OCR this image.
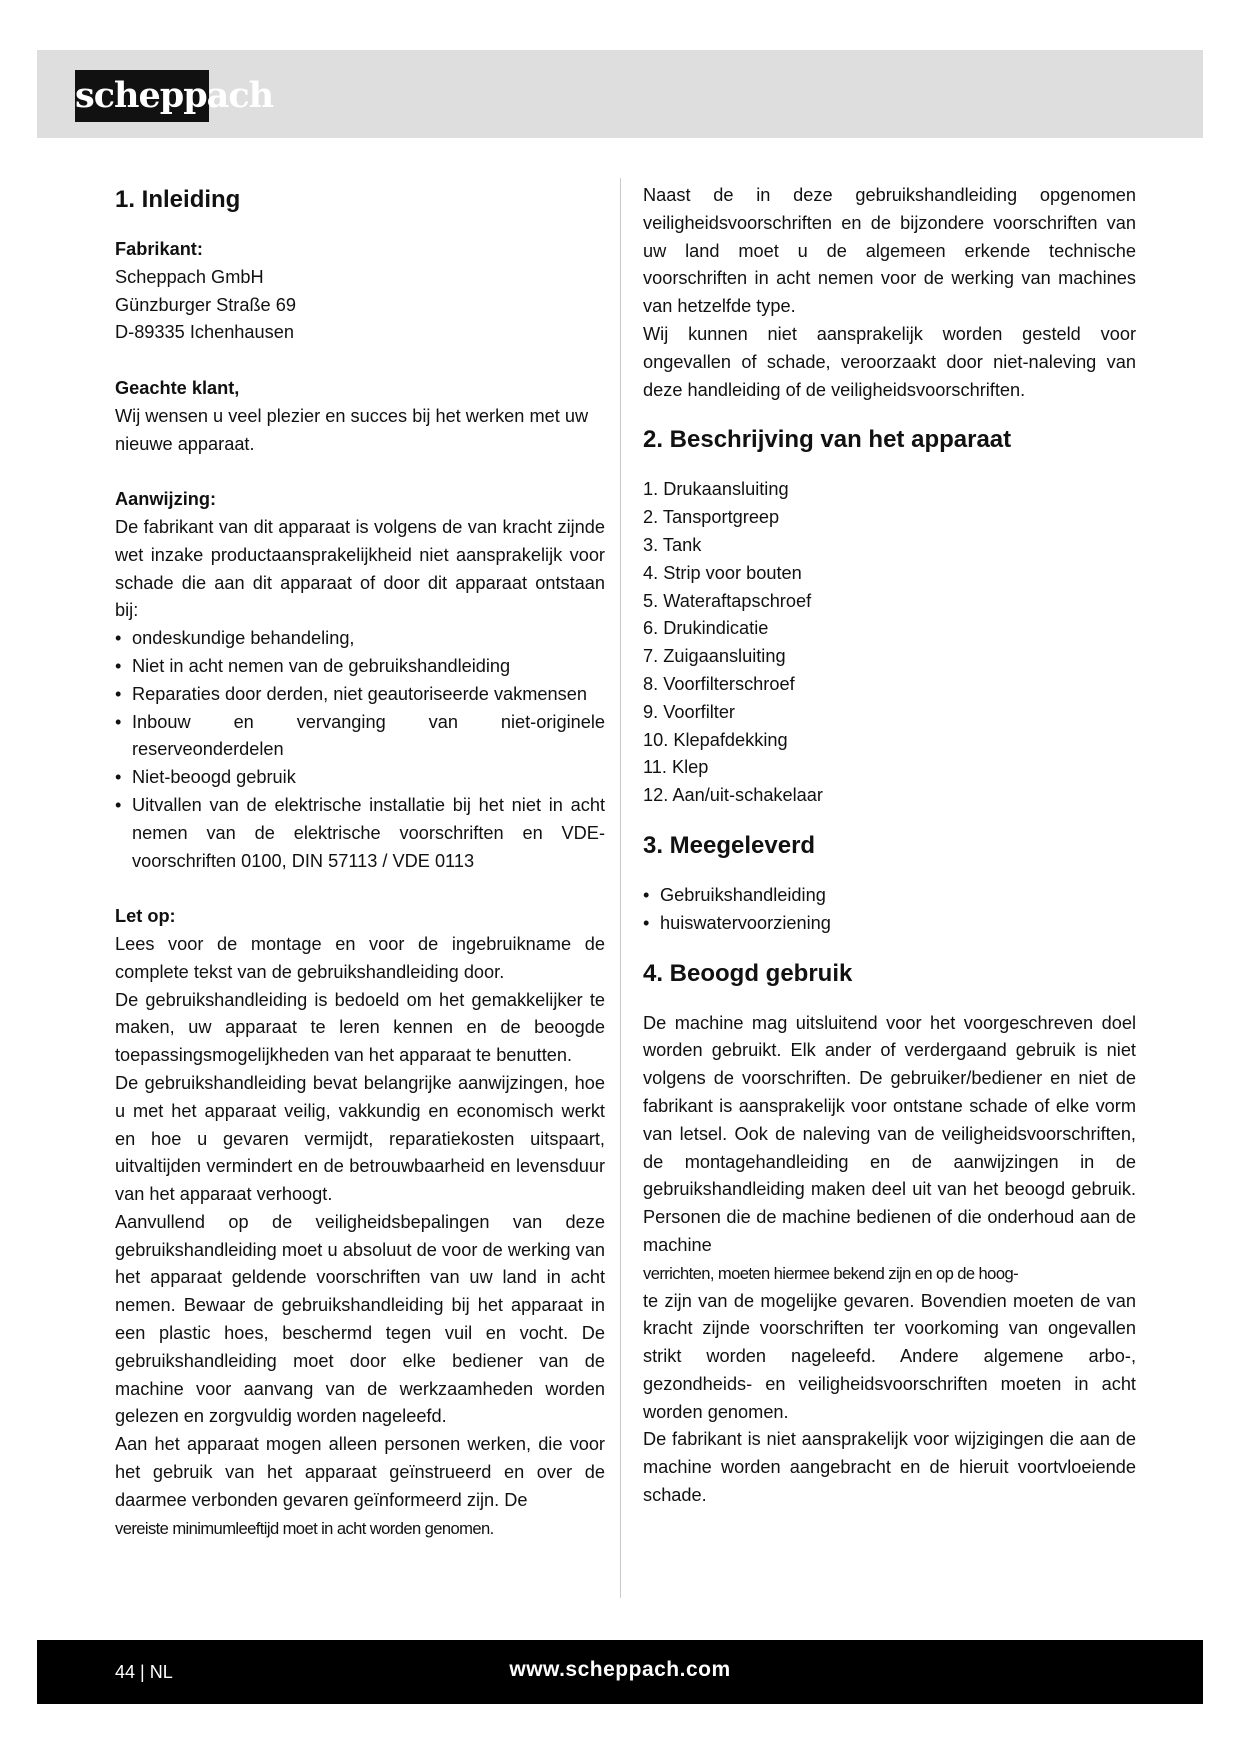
scheppach
1. Inleiding

Fabrikant:

Scheppach GmbH

Günzburger Straße 69

D-89335 Ichenhausen

Geachte klant,

Wij wensen u veel plezier en succes bij het werken met uw nieuwe apparaat.

Aanwijzing:

De fabrikant van dit apparaat is volgens de van kracht zijnde wet inzake productaansprakelijkheid niet aansprakelijk voor schade die aan dit apparaat of door dit apparaat ontstaan bij:

• ondeskundige behandeling,
• Niet in acht nemen van de gebruikshandleiding
• Reparaties door derden, niet geautoriseerde vakmensen
• Inbouw en vervanging van niet-originele reserveonderdelen
• Niet-beoogd gebruik
• Uitvallen van de elektrische installatie bij het niet in acht nemen van de elektrische voorschriften en VDE-voorschriften 0100, DIN 57113 / VDE 0113

Let op:

Lees voor de montage en voor de ingebruikname de complete tekst van de gebruikshandleiding door.

De gebruikshandleiding is bedoeld om het gemakkelijker te maken, uw apparaat te leren kennen en de beoogde toepassingsmogelijkheden van het apparaat te benutten.

De gebruikshandleiding bevat belangrijke aanwijzingen, hoe u met het apparaat veilig, vakkundig en economisch werkt en hoe u gevaren vermijdt, reparatiekosten uitspaart, uitvaltijden vermindert en de betrouwbaarheid en levensduur van het apparaat verhoogt.

Aanvullend op de veiligheidsbepalingen van deze gebruikshandleiding moet u absoluut de voor de werking van het apparaat geldende voorschriften van uw land in acht nemen. Bewaar de gebruikshandleiding bij het apparaat in een plastic hoes, beschermd tegen vuil en vocht. De gebruikshandleiding moet door elke bediener van de machine voor aanvang van de werkzaamheden worden gelezen en zorgvuldig worden nageleefd.

Aan het apparaat mogen alleen personen werken, die voor het gebruik van het apparaat geïnstrueerd en over de daarmee verbonden gevaren geïnformeerd zijn. De

vereiste minimumleeftijd moet in acht worden genomen.

Naast de in deze gebruikshandleiding opgenomen veiligheidsvoorschriften en de bijzondere voorschriften van uw land moet u de algemeen erkende technische voorschriften in acht nemen voor de werking van machines van hetzelfde type.

Wij kunnen niet aansprakelijk worden gesteld voor ongevallen of schade, veroorzaakt door niet-naleving van deze handleiding of de veiligheidsvoorschriften.

2. Beschrijving van het apparaat
1. Drukaansluiting
2. Tansportgreep
3. Tank
4. Strip voor bouten
5. Wateraftapschroef
6. Drukindicatie
7. Zuigaansluiting
8. Voorfilterschroef
9. Voorfilter
10. Klepafdekking
11. Klep
12. Aan/uit-schakelaar
3. Meegeleverd
• Gebruikshandleiding
• huiswatervoorziening
4. Beoogd gebruik

De machine mag uitsluitend voor het voorgeschreven doel worden gebruikt. Elk ander of verdergaand gebruik is niet volgens de voorschriften. De gebruiker/bediener en niet de fabrikant is aansprakelijk voor ontstane schade of elke vorm van letsel. Ook de naleving van de veiligheidsvoorschriften, de montagehandleiding en de aanwijzingen in de gebruikshandleiding maken deel uit van het beoogd gebruik. Personen die de machine bedienen of die onderhoud aan de machine

verrichten, moeten hiermee bekend zijn en op de hoog-

te zijn van de mogelijke gevaren. Bovendien moeten de van kracht zijnde voorschriften ter voorkoming van ongevallen strikt worden nageleefd. Andere algemene arbo-, gezondheids- en veiligheidsvoorschriften moeten in acht worden genomen.

De fabrikant is niet aansprakelijk voor wijzigingen die aan de machine worden aangebracht en de hieruit voortvloeiende schade.

44 | NL	www.scheppach.com
